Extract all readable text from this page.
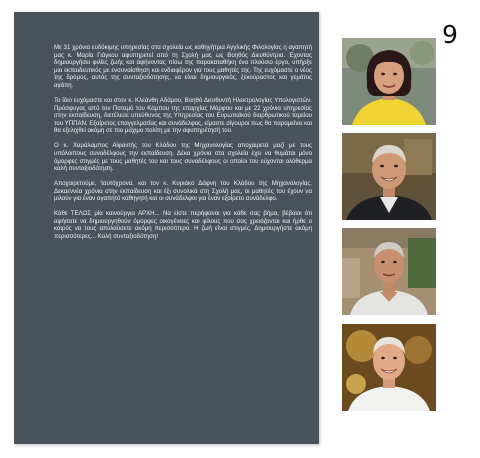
Με 31 χρόνια ευδόκιμης υπηρεσίας στα σχολεία ως καθηγήτρια Αγγλικής Φιλολογίας η αγαπητή μας κ. Μαρία Γιάγκου αφυπηρετεί από τη Σχολή μας ως Βοηθός Διευθύντρια. Έχοντας δημιουργήσει φιλίες ζωής και αφήνοντας πίσω της παρακαταθήκη ένα πλούσιο έργο, υπήρξε μια εκπαιδευτικός με ενσυναίσθηση και ενδιαφέρον για τους μαθητές της. Της ευχόμαστε ο νέος της δρόμος, αυτός της συνταξιοδότησης, να είναι δημιουργικός, ξεκούραστος και γεμάτος αγάπη.

Το ίδιο ευχόμαστε και στον κ. Κλεάνθη Αδάμου, Βοηθό Διευθυντή Ηλεκτρολογίας Υπολογιστών. Πρόσφυγας από τον Ποταμό του Κάμπου της επαρχίας Μόρφου και με 22 χρόνια υπηρεσίας στην εκπαίδευση, διετέλεσε υπεύθυνος της Υπηρεσίας του Ευρωπαϊκού διαρθρωτικού ταμείου του ΥΠΠΑΝ. Εξαίρετος επαγγελματίας και συνάδελφος, είμαστε σίγουροι πως θα παραμείνει και θα εξελιχθεί ακόμη σε πιο μάχιμο πολίτη με την αφυπηρέτησή του.

Ο κ. Χαράλαμπος Αϊφαντής του Κλάδου της Μηχανολογίας αποχαιρετά μαζί με τους υπόλοιπους συναδέλφους την εκπαίδευση. Δέκα χρόνια στα σχολεία έχει να θυμάται μόνο όμορφες στιγμές με τους μαθητές του και τους συναδέλφους οι οποίοι του εύχονται ολόθερμα καλή συνταξιοδότηση.

Αποχαιρετούμε, ταυτόχρονα, και τον κ. Κυριάκο Δάφνη του Κλάδου της Μηχανολογίας. Δεκαεννέα χρόνια στην εκπαίδευση και έξι συνολικά στη Σχολή μας, οι μαθητές του έχουν να μιλούν για έναν αγαπητό καθηγητή και οι συνάδελφοι για έναν εξαίρετο συνάδελφο.

Κάθε ΤΕΛΟΣ μία καινούργια ΑΡΧΗ... Να είστε περήφανοι για κάθε σας βήμα, βέβαιοι ότι αφήσατε να δημιουργηθούν όμορφες οικογένειες και φίλους που σας χρειάζονται και ήρθε ο καιρός να τους απολαύσετε ακόμη περισσότερο. Η ζωή είναι στιγμές. Δημιουργήστε ακόμη περισσότερες... Καλή συνταξιοδότηση!

9
